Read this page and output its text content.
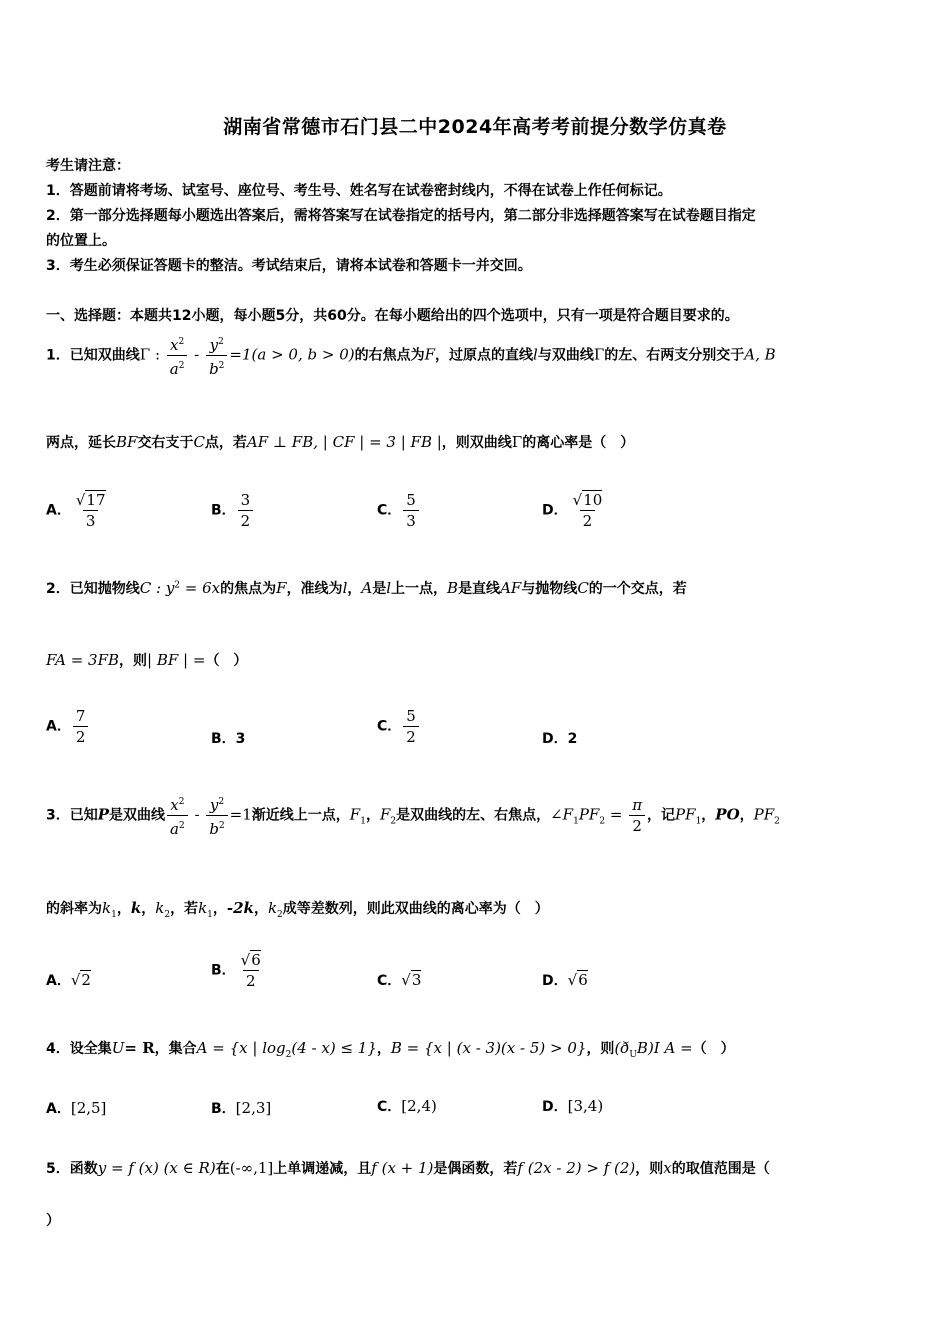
湖南省常德市石门县二中2024年高考考前提分数学仿真卷
考生请注意：
1．答题前请将考场、试室号、座位号、考生号、姓名写在试卷密封线内，不得在试卷上作任何标记。
2．第一部分选择题每小题选出答案后，需将答案写在试卷指定的括号内，第二部分非选择题答案写在试卷题目指定
的位置上。
3．考生必须保证答题卡的整洁。考试结束后，请将本试卷和答题卡一并交回。
一、选择题：本题共12小题，每小题5分，共60分。在每小题给出的四个选项中，只有一项是符合题目要求的。
1．已知双曲线Γ : $\frac{x^2}{a^2} - \frac{y^2}{b^2} =1(a > 0$, b > 0)的右焦点为F，过原点的直线l与双曲线Γ的左、右两支分别交于A, B
两点，延长BF交右支于C点，若AF ⊥ FB, | CF | = 3 | FB |，则双曲线Γ的离心率是（　）
A． $\frac{√17}{3}$	B． $\frac{3}{2}$	C． $\frac{5}{3}$	D． $\frac{√10}{2}$
2．已知抛物线C : $y^2 = 6x$的焦点为F，准线为l，A是l上一点，B是直线AF与抛物线C的一个交点，若
FA = 3FB，则| BF | =（　）
A． $\frac{7}{2}$	B．3
C． $\frac{5}{2}$	D．2
3．已知P是双曲线 $\frac{x^2}{a^2} - \frac{y^2}{b^2} =1$渐近线上一点，$F_1$，$F_2$是双曲线的左、右焦点，$\angle F_1PF_2 = \frac{\pi}{2}$ ，记$PF_1$，PO，$PF_2$
的斜率为$k_1$，k，$k_2$，若$k_1$，-2k，$k_2$成等差数列，则此双曲线的离心率为（　）
A．√2
B． $\frac{√6}{2}$	C．√3	D．√6
4．设全集U= R，集合A = {x | $\log_2(4 - x) \le 1$}，B = {x | (x - 3)(x - 5) > 0}，则$(ð_UB)I$ A =（　）
A．[2,5]	B．[2,3]	C．[2,4)	D．[3,4)
5．函数y = f (x) (x ∈ R)在(-∞,1]上单调递减，且f (x + 1)是偶函数，若f (2x - 2) > f (2)，则x的取值范围是（
）
